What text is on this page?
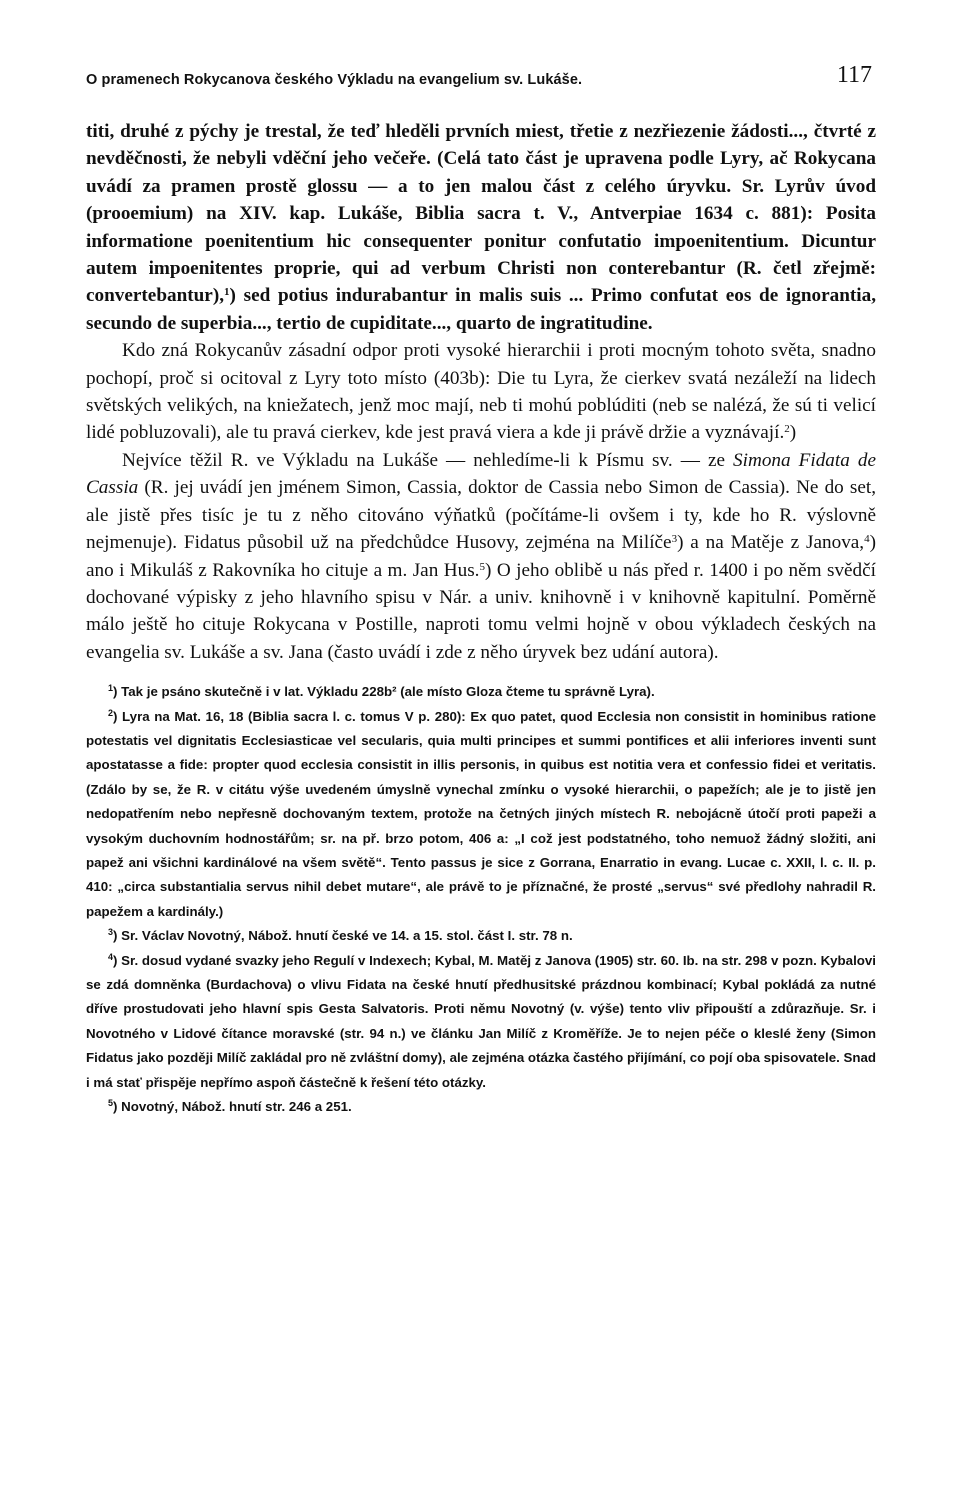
O pramenech Rokycanova českého Výkladu na evangelium sv. Lukáše.	117

titi, druhé z pýchy je trestal, že teď hleděli prvních miest, třetie z nezřiezenie žádosti..., čtvrté z nevděčnosti, že nebyli vděční jeho večeře. (Celá tato část je upravena podle Lyry, ač Rokycana uvádí za pramen prostě glossu — a to jen malou část z celého úryvku. Sr. Lyrův úvod (prooemium) na XIV. kap. Lukáše, Biblia sacra t. V., Antverpiae 1634 c. 881): Posita informatione poenitentium hic consequenter ponitur confutatio impoenitentium. Dicuntur autem impoenitentes proprie, qui ad verbum Christi non conterebantur (R. četl zřejmě: convertebantur),$^1$) sed potius indurabantur in malis suis ... Primo confutat eos de ignorantia, secundo de superbia..., tertio de cupiditate..., quarto de ingratitudine.

Kdo zná Rokycanův zásadní odpor proti vysoké hierarchii i proti mocným tohoto světa, snadno pochopí, proč si ocitoval z Lyry toto místo (403b): Die tu Lyra, že cierkev svatá nezáleží na lidech světských velikých, na kniežatech, jenž moc mají, neb ti mohú poblúditi (neb se nalézá, že sú ti velicí lidé pobluzovali), ale tu pravá cierkev, kde jest pravá viera a kde ji právě držie a vyznávají.$^2$)

Nejvíce těžil R. ve Výkladu na Lukáše — nehledíme-li k Písmu sv. — ze Simona Fidata de Cassia (R. jej uvádí jen jménem Simon, Cassia, doktor de Cassia nebo Simon de Cassia). Ne do set, ale jistě přes tisíc je tu z něho citováno výňatků (počítáme-li ovšem i ty, kde ho R. výslovně nejmenuje). Fidatus působil už na předchůdce Husovy, zejména na Milíče$^3$) a na Matěje z Janova,$^4$) ano i Mikuláš z Rakovníka ho cituje a m. Jan Hus.$^5$) O jeho oblibě u nás před r. 1400 i po něm svědčí dochované výpisky z jeho hlavního spisu v Nár. a univ. knihovně i v knihovně kapitulní. Poměrně málo ještě ho cituje Rokycana v Postille, naproti tomu velmi hojně v obou výkladech českých na evangelia sv. Lukáše a sv. Jana (často uvádí i zde z něho úryvek bez udání autora).

$^1$) Tak je psáno skutečně i v lat. Výkladu 228b² (ale místo Gloza čteme tu správně Lyra).

$^2$) Lyra na Mat. 16, 18 (Biblia sacra l. c. tomus V p. 280): Ex quo patet, quod Ecclesia non consistit in hominibus ratione potestatis vel dignitatis Ecclesiasticae vel secularis, quia multi principes et summi pontifices et alii inferiores inventi sunt apostatasse a fide: propter quod ecclesia consistit in illis personis, in quibus est notitia vera et confessio fidei et veritatis. (Zdálo by se, že R. v citátu výše uvedeném úmyslně vynechal zmínku o vysoké hierarchii, o papežích; ale je to jistě jen nedopatřením nebo nepřesně dochovaným textem, protože na četných jiných místech R. nebojácně útočí proti papeži a vysokým duchovním hodnostářům; sr. na př. brzo potom, 406 a: „I což jest podstatného, toho nemuož žádný složiti, ani papež ani všichni kardinálové na všem světě“. Tento passus je sice z Gorrana, Enarratio in evang. Lucae c. XXII, l. c. II. p. 410: „circa substantialia servus nihil debet mutare“, ale právě to je příznačné, že prosté „servus“ své předlohy nahradil R. papežem a kardinály.)

$^3$) Sr. Václav Novotný, Nábož. hnutí české ve 14. a 15. stol. část I. str. 78 n.

$^4$) Sr. dosud vydané svazky jeho Regulí v Indexech; Kybal, M. Matěj z Janova (1905) str. 60. Ib. na str. 298 v pozn. Kybalovi se zdá domněnka (Burdachova) o vlivu Fidata na české hnutí předhusitské prázdnou kombinací; Kybal pokládá za nutné dříve prostudovati jeho hlavní spis Gesta Salvatoris. Proti němu Novotný (v. výše) tento vliv připouští a zdůrazňuje. Sr. i Novotného v Lidové čítance moravské (str. 94 n.) ve článku Jan Milíč z Kroměříže. Je to nejen péče o kleslé ženy (Simon Fidatus jako později Milíč zakládal pro ně zvláštní domy), ale zejména otázka častého přijímání, co pojí oba spisovatele. Snad i má stať přispěje nepřímo aspoň částečně k řešení této otázky.

$^5$) Novotný, Nábož. hnutí str. 246 a 251.
